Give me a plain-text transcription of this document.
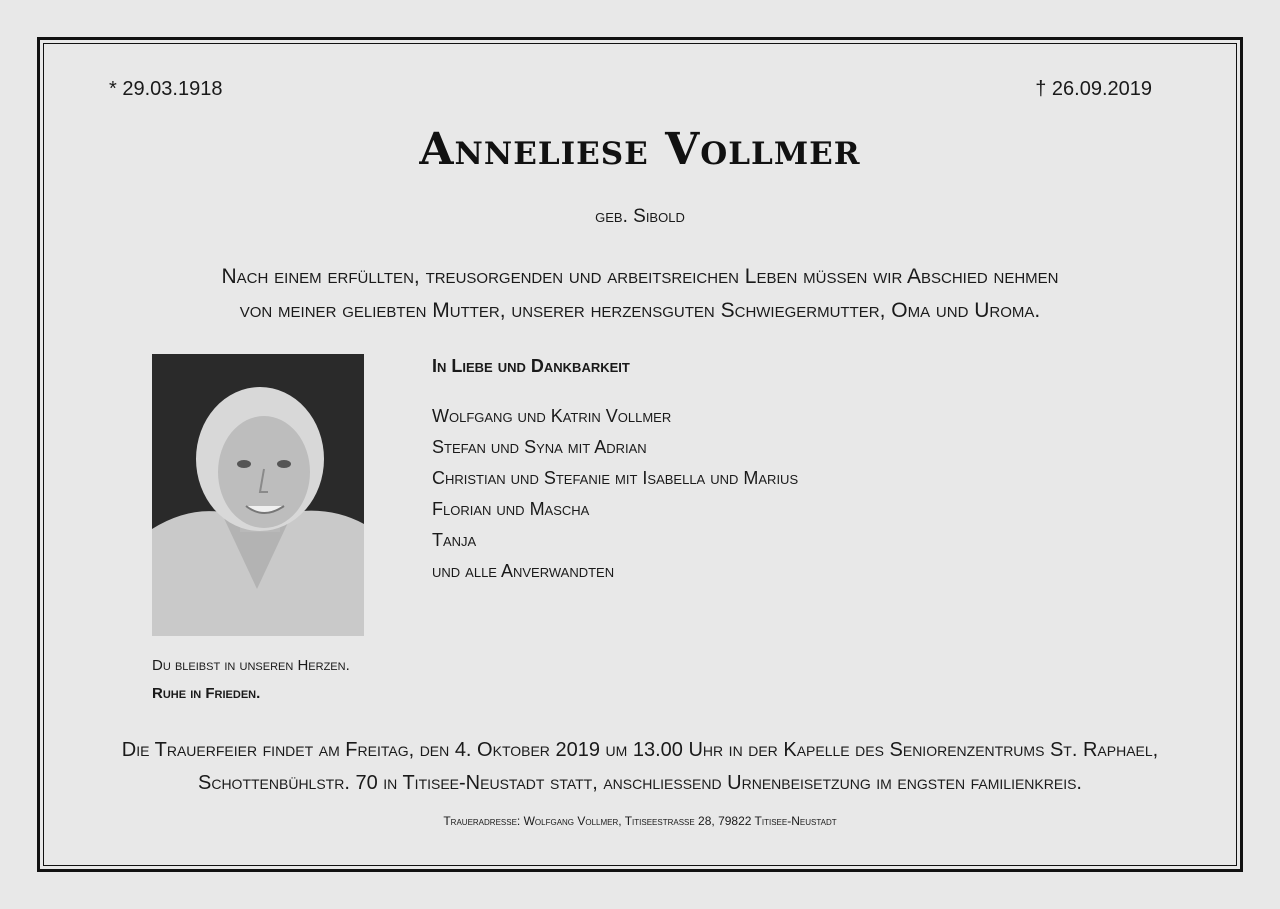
* 29.03.1918	† 26.09.2019
Anneliese Vollmer
geb. Sibold
Nach einem erfüllten, treusorgenden und arbeitsreichen Leben müssen wir Abschied nehmen
von meiner geliebten Mutter, unserer herzensguten Schwiegermutter, Oma und Uroma.
Du bleibst in unseren Herzen.
Ruhe in Frieden.
In Liebe und Dankbarkeit
Wolfgang und Katrin Vollmer
Stefan und Syna mit Adrian
Christian und Stefanie mit Isabella und Marius
Florian und Mascha
Tanja
und alle Anverwandten
Die Trauerfeier findet am Freitag, den 4. Oktober 2019 um 13.00 Uhr in der Kapelle des Seniorenzentrums St. Raphael,
Schottenbühlstr. 70 in Titisee-Neustadt statt, anschließend Urnenbeisetzung im engsten familienkreis.
Traueradresse: Wolfgang Vollmer, Titiseestraße 28, 79822 Titisee-Neustadt
